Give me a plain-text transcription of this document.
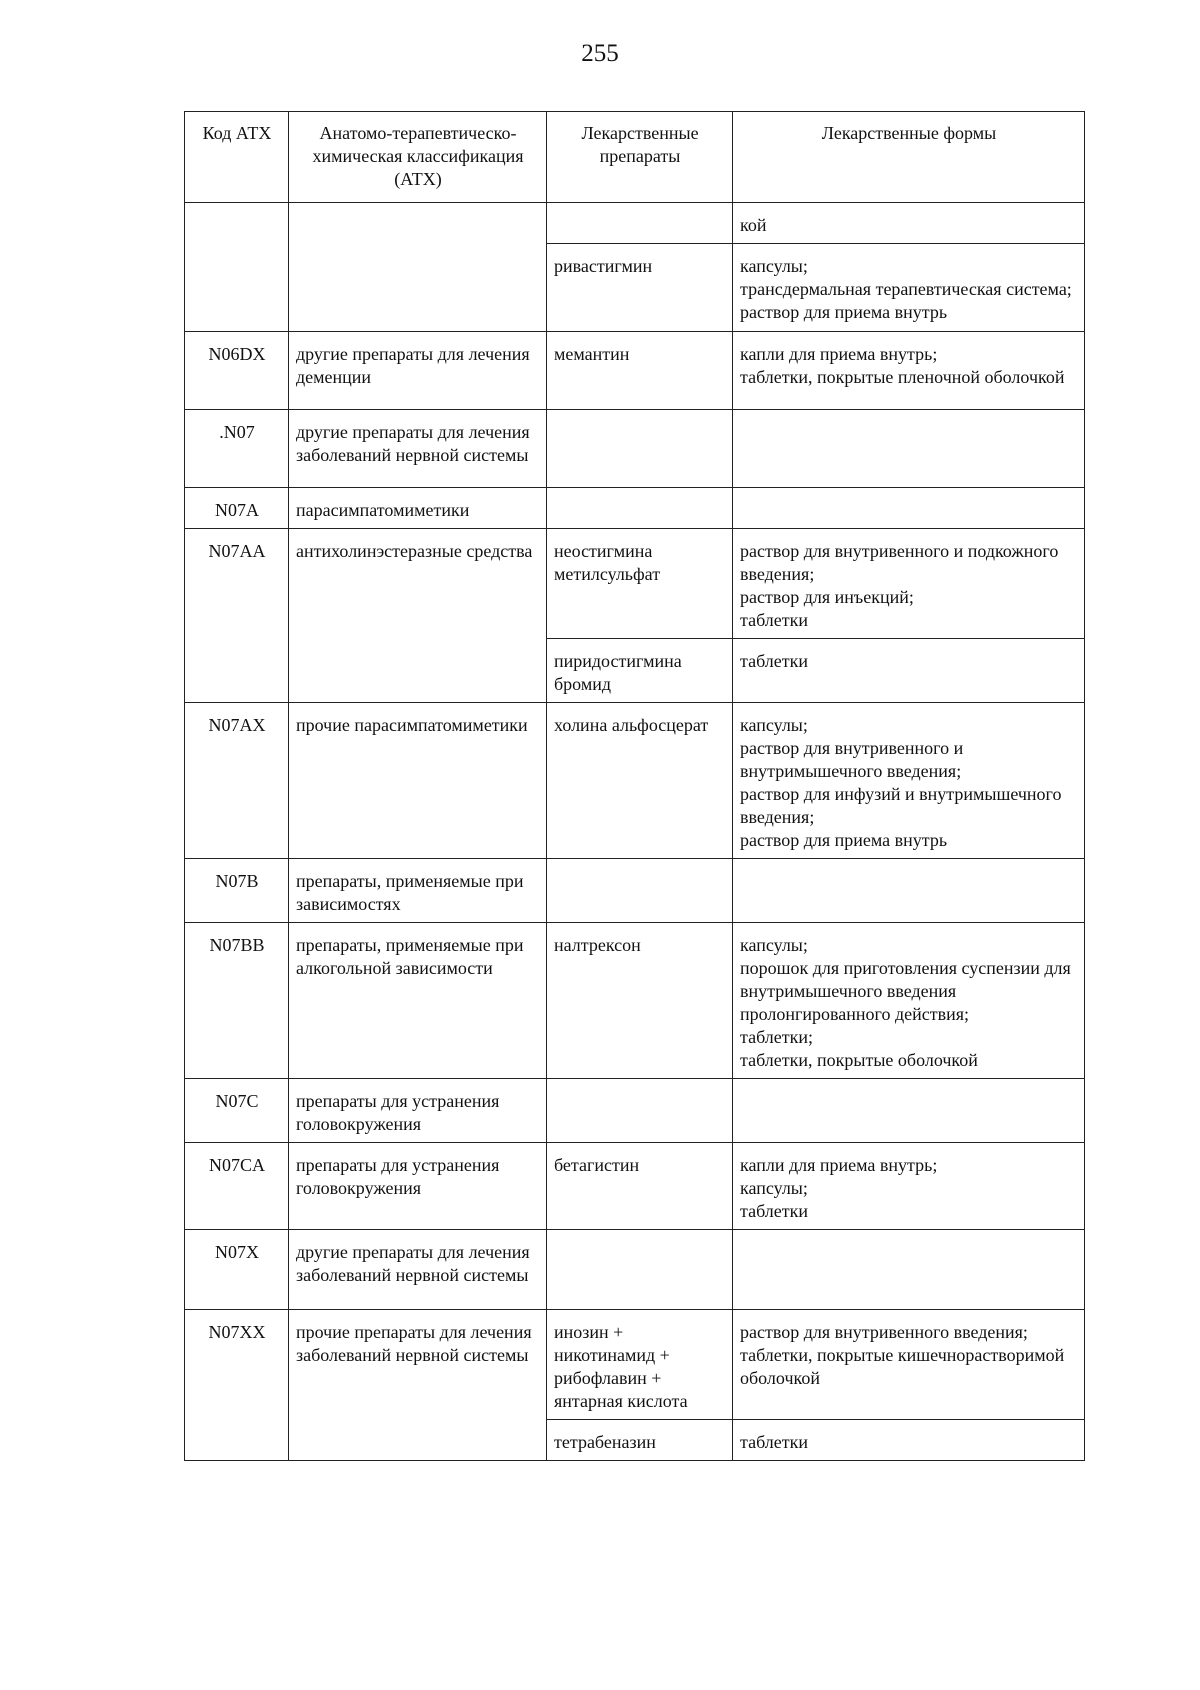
255
Код АТХ	Анатомо-терапевтическо-химическая классификация (АТХ)	Лекарственные препараты	Лекарственные формы

			кой

		ривастигмин	капсулы;
трансдермальная терапевтическая система;
раствор для приема внутрь

N06DX	другие препараты для лечения деменции	мемантин	капли для приема внутрь;
таблетки, покрытые пленочной оболочкой

.N07	другие препараты для лечения заболеваний нервной системы		
N07A	парасимпатомиметики		
N07AA	антихолинэстеразные средства	неостигмина метилсульфат	раствор для внутривенного и подкожного введения;
раствор для инъекций;
таблетки

		пиридостигмина бромид	таблетки

N07AX	прочие парасимпатомиметики	холина альфосцерат	капсулы;
раствор для внутривенного и внутримышечного введения;
раствор для инфузий и внутримышечного введения;
раствор для приема внутрь

N07B	препараты, применяемые при зависимостях		
N07BB	препараты, применяемые при алкогольной зависимости	налтрексон	капсулы;
порошок для приготовления суспензии для внутримышечного введения пролонгированного действия;
таблетки;
таблетки, покрытые оболочкой

N07C	препараты для устранения головокружения		
N07CA	препараты для устранения головокружения	бетагистин	капли для приема внутрь;
капсулы;
таблетки

N07X	другие препараты для лечения заболеваний нервной системы		
N07XX	прочие препараты для лечения заболеваний нервной системы	инозин + никотинамид + рибофлавин + янтарная кислота	раствор для внутривенного введения;
таблетки, покрытые кишечнорастворимой оболочкой

		тетрабеназин	таблетки
